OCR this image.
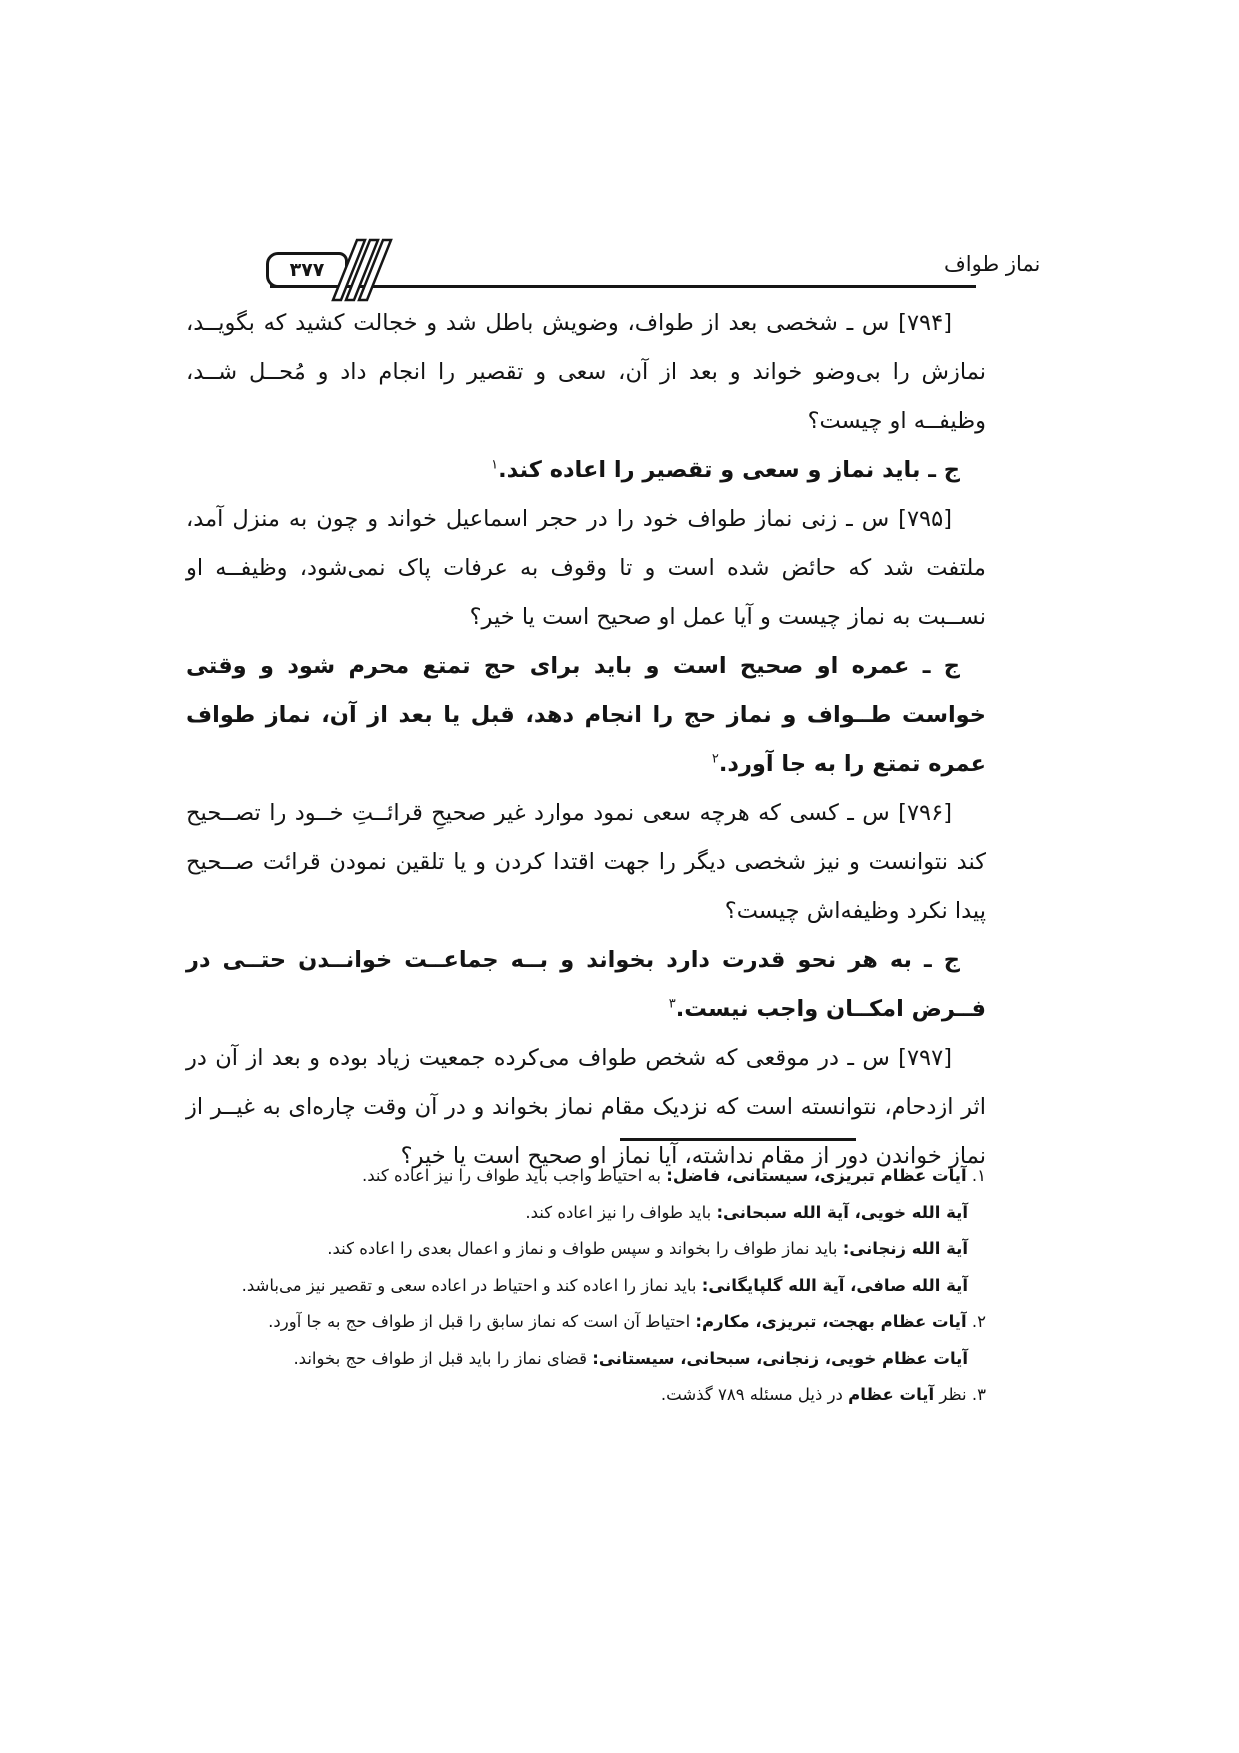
۳۷۷	نماز طواف

[۷۹۴] س ـ شخصی بعد از طواف، وضویش باطل شد و خجالت کشید که بگویــد، نمازش را بی‌وضو خواند و بعد از آن، سعی و تقصیر را انجام داد و مُحــل شــد، وظیفــه او چیست؟

ج ـ باید نماز و سعی و تقصیر را اعاده کند.$^۱$

[۷۹۵] س ـ زنی نماز طواف خود را در حجر اسماعیل خواند و چون به منزل آمد، ملتفت شد که حائض شده است و تا وقوف به عرفات پاک نمی‌شود، وظیفــه او نســبت به نماز چیست و آیا عمل او صحیح است یا خیر؟

ج ـ عمره او صحیح است و باید برای حج تمتع محرم شود و وقتی خواست طــواف و نماز حج را انجام دهد، قبل یا بعد از آن، نماز طواف عمره تمتع را به جا آورد.$^۲$

[۷۹۶] س ـ کسی که هرچه سعی نمود موارد غیر صحیحِ قرائــتِ خــود را تصــحیح کند نتوانست و نیز شخصی دیگر را جهت اقتدا کردن و یا تلقین نمودن قرائت صــحیح پیدا نکرد وظیفه‌اش چیست؟

ج ـ به هر نحو قدرت دارد بخواند و بــه جماعــت خوانــدن حتــی در فــرض امکــان واجب نیست.$^۳$

[۷۹۷] س ـ در موقعی که شخص طواف می‌کرده جمعیت زیاد بوده و بعد از آن در اثر ازدحام، نتوانسته است که نزدیک مقام نماز بخواند و در آن وقت چاره‌ای به غیــر از نماز خواندن دور از مقام نداشته، آیا نماز او صحیح است یا خیر؟

۱. آیات عظام تبریزی، سیستانی، فاضل: به احتیاط واجب باید طواف را نیز اعاده کند.

آیة الله خویی، آیة الله سبحانی: باید طواف را نیز اعاده کند.

آیة الله زنجانی: باید نماز طواف را بخواند و سپس طواف و نماز و اعمال بعدی را اعاده کند.

آیة الله صافی، آیة الله گلپایگانی: باید نماز را اعاده کند و احتیاط در اعاده سعی و تقصیر نیز می‌باشد.

۲. آیات عظام بهجت، تبریزی، مکارم: احتیاط آن است که نماز سابق را قبل از طواف حج به جا آورد.

آیات عظام خویی، زنجانی، سبحانی، سیستانی: قضای نماز را باید قبل از طواف حج بخواند.

۳. نظر آیات عظام در ذیل مسئله ۷۸۹ گذشت.
